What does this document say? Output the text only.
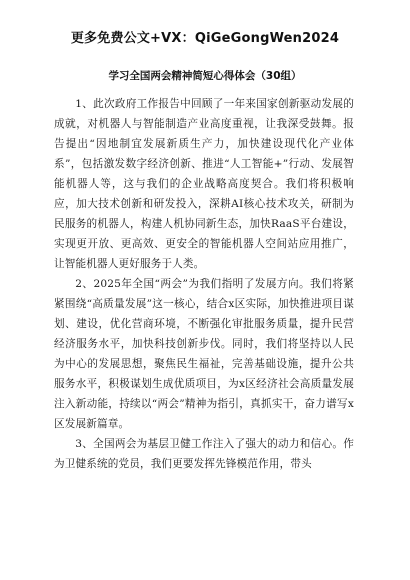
更多免费公文+VX：QiGeGongWen2024
学习全国两会精神简短心得体会（30组）

1、此次政府工作报告中回顾了一年来国家创新驱动发展的成就，对机器人与智能制造产业高度重视，让我深受鼓舞。报告提出“因地制宜发展新质生产力，加快建设现代化产业体系”，包括激发数字经济创新、推进“人工智能+”行动、发展智能机器人等，这与我们的企业战略高度契合。我们将积极响应，加大技术创新和研发投入，深耕AI核心技术攻关，研制为民服务的机器人，构建人机协同新生态，加快RaaS平台建设，实现更开放、更高效、更安全的智能机器人空间站应用推广，让智能机器人更好服务于人类。

2、2025年全国“两会”为我们指明了发展方向。我们将紧紧围绕“高质量发展”这一核心，结合x区实际，加快推进项目谋划、建设，优化营商环境，不断强化审批服务质量，提升民营经济服务水平，加快科技创新步伐。同时，我们将坚持以人民为中心的发展思想，聚焦民生福祉，完善基础设施，提升公共服务水平，积极谋划生成优质项目，为x区经济社会高质量发展注入新动能，持续以“两会”精神为指引，真抓实干，奋力谱写x区发展新篇章。

3、全国两会为基层卫健工作注入了强大的动力和信心。作为卫健系统的党员，我们更要发挥先锋模范作用，带头
